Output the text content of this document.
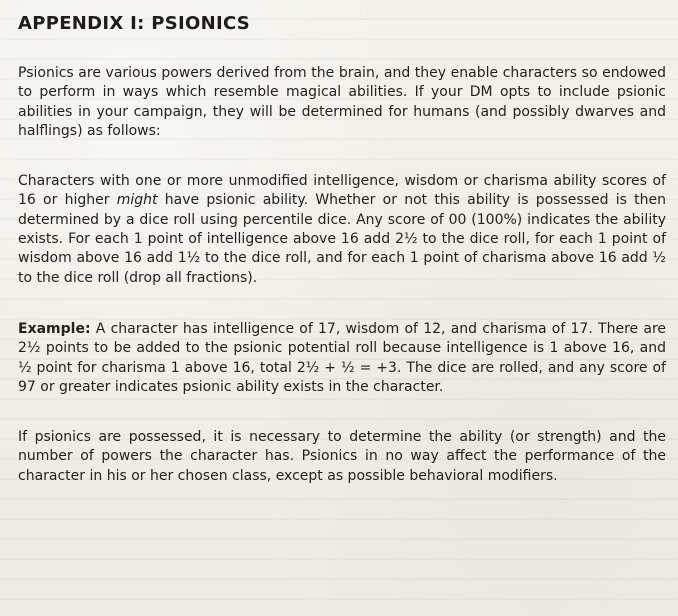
APPENDIX I: PSIONICS

Psionics are various powers derived from the brain, and they enable characters so endowed to perform in ways which resemble magical abilities. If your DM opts to include psionic abilities in your campaign, they will be determined for humans (and possibly dwarves and halflings) as follows:

Characters with one or more unmodified intelligence, wisdom or charisma ability scores of 16 or higher might have psionic ability. Whether or not this ability is possessed is then determined by a dice roll using percentile dice. Any score of 00 (100%) indicates the ability exists. For each 1 point of intelligence above 16 add 2½ to the dice roll, for each 1 point of wisdom above 16 add 1½ to the dice roll, and for each 1 point of charisma above 16 add ½ to the dice roll (drop all fractions).

Example: A character has intelligence of 17, wisdom of 12, and charisma of 17. There are 2½ points to be added to the psionic potential roll because intelligence is 1 above 16, and ½ point for charisma 1 above 16, total 2½ + ½ = +3. The dice are rolled, and any score of 97 or greater indicates psionic ability exists in the character.

If psionics are possessed, it is necessary to determine the ability (or strength) and the number of powers the character has. Psionics in no way affect the performance of the character in his or her chosen class, except as possible behavioral modifiers.
